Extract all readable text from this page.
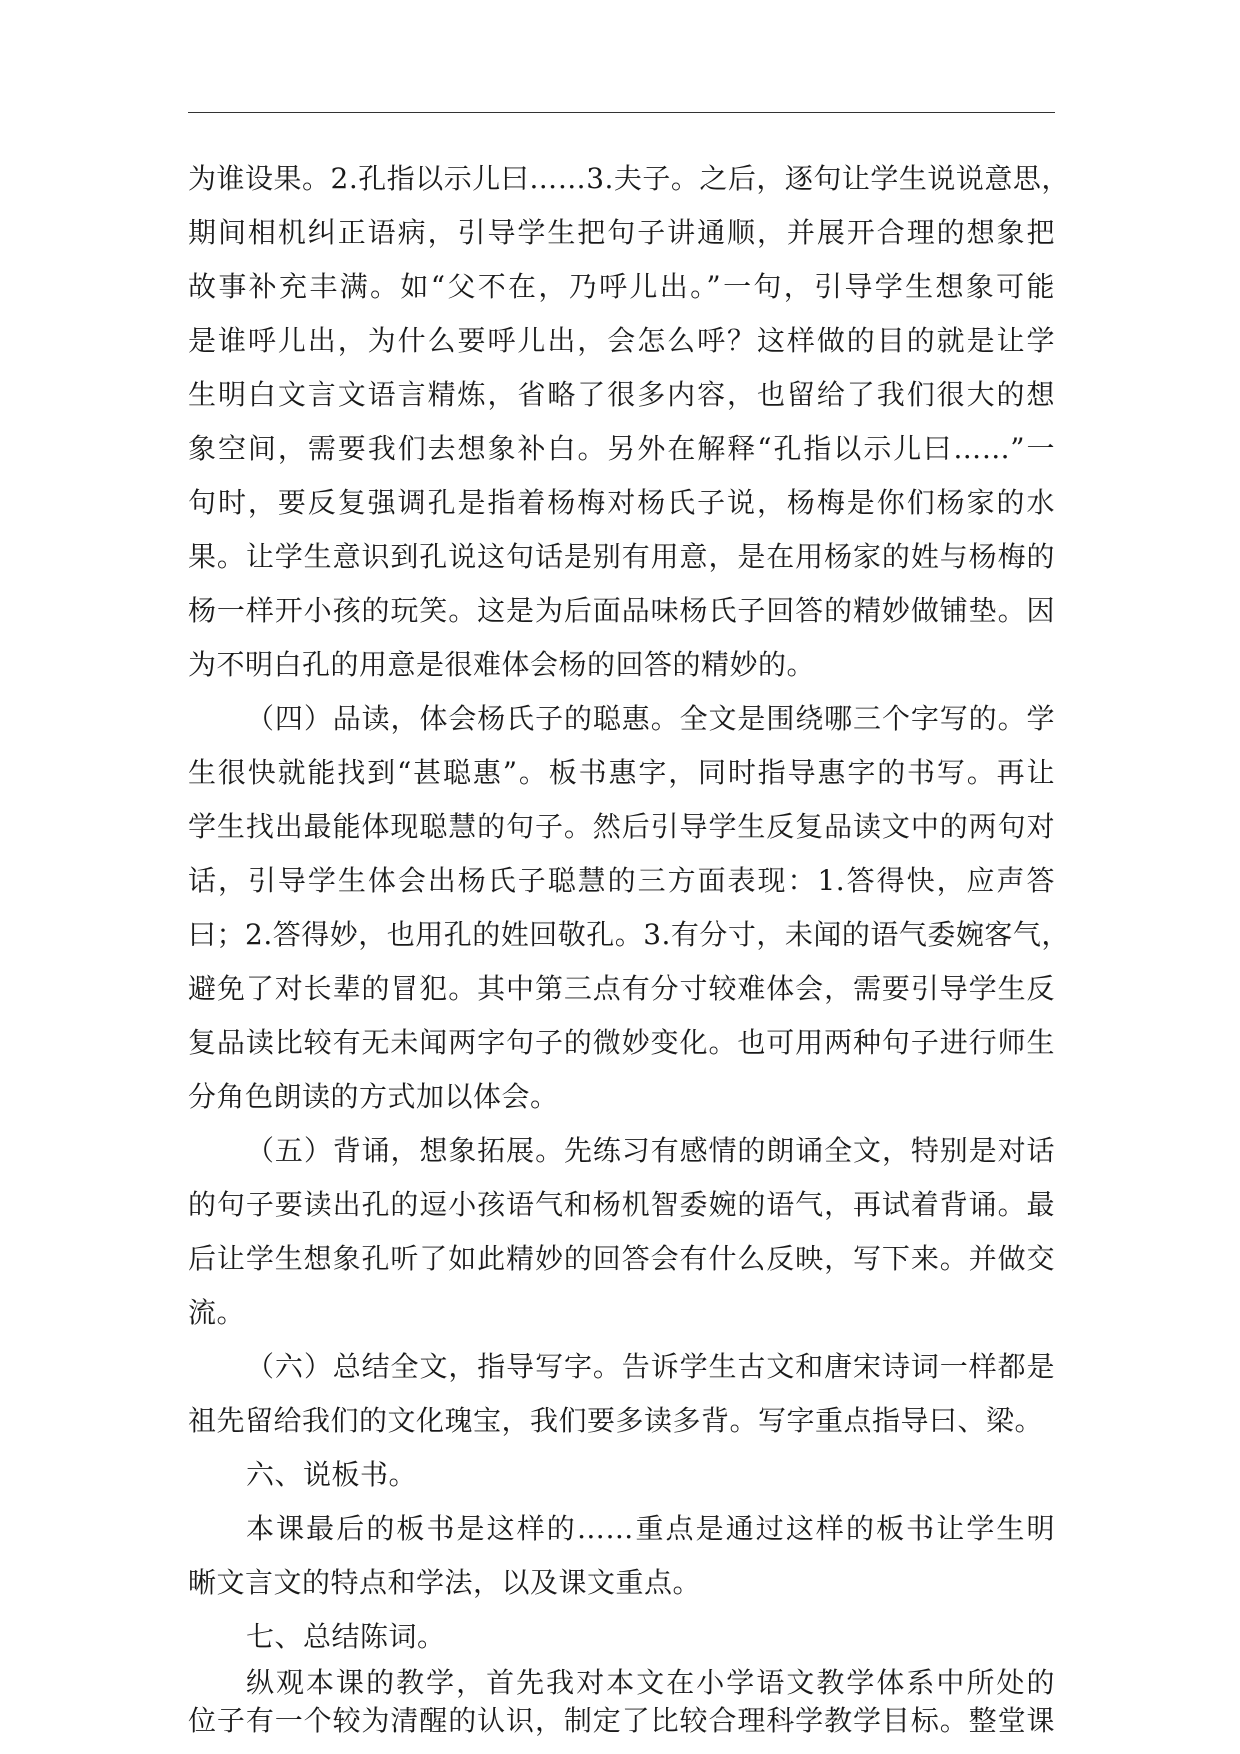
为谁设果。2.孔指以示儿曰……3.夫子。之后，逐句让学生说说意思，
期间相机纠正语病，引导学生把句子讲通顺，并展开合理的想象把
故事补充丰满。如“父不在，乃呼儿出。”一句，引导学生想象可能
是谁呼儿出，为什么要呼儿出，会怎么呼？这样做的目的就是让学
生明白文言文语言精炼，省略了很多内容，也留给了我们很大的想
象空间，需要我们去想象补白。另外在解释“孔指以示儿曰……”一
句时，要反复强调孔是指着杨梅对杨氏子说，杨梅是你们杨家的水
果。让学生意识到孔说这句话是别有用意，是在用杨家的姓与杨梅的
杨一样开小孩的玩笑。这是为后面品味杨氏子回答的精妙做铺垫。因
为不明白孔的用意是很难体会杨的回答的精妙的。
（四）品读，体会杨氏子的聪惠。全文是围绕哪三个字写的。学
生很快就能找到“甚聪惠”。板书惠字，同时指导惠字的书写。再让
学生找出最能体现聪慧的句子。然后引导学生反复品读文中的两句对
话，引导学生体会出杨氏子聪慧的三方面表现：1.答得快，应声答
曰；2.答得妙，也用孔的姓回敬孔。3.有分寸，未闻的语气委婉客气，
避免了对长辈的冒犯。其中第三点有分寸较难体会，需要引导学生反
复品读比较有无未闻两字句子的微妙变化。也可用两种句子进行师生
分角色朗读的方式加以体会。
（五）背诵，想象拓展。先练习有感情的朗诵全文，特别是对话
的句子要读出孔的逗小孩语气和杨机智委婉的语气，再试着背诵。最
后让学生想象孔听了如此精妙的回答会有什么反映，写下来。并做交
流。
（六）总结全文，指导写字。告诉学生古文和唐宋诗词一样都是
祖先留给我们的文化瑰宝，我们要多读多背。写字重点指导曰、梁。
六、说板书。
本课最后的板书是这样的……重点是通过这样的板书让学生明
晰文言文的特点和学法，以及课文重点。
七、总结陈词。
纵观本课的教学，首先我对本文在小学语文教学体系中所处的
位子有一个较为清醒的认识，制定了比较合理科学教学目标。整堂课
